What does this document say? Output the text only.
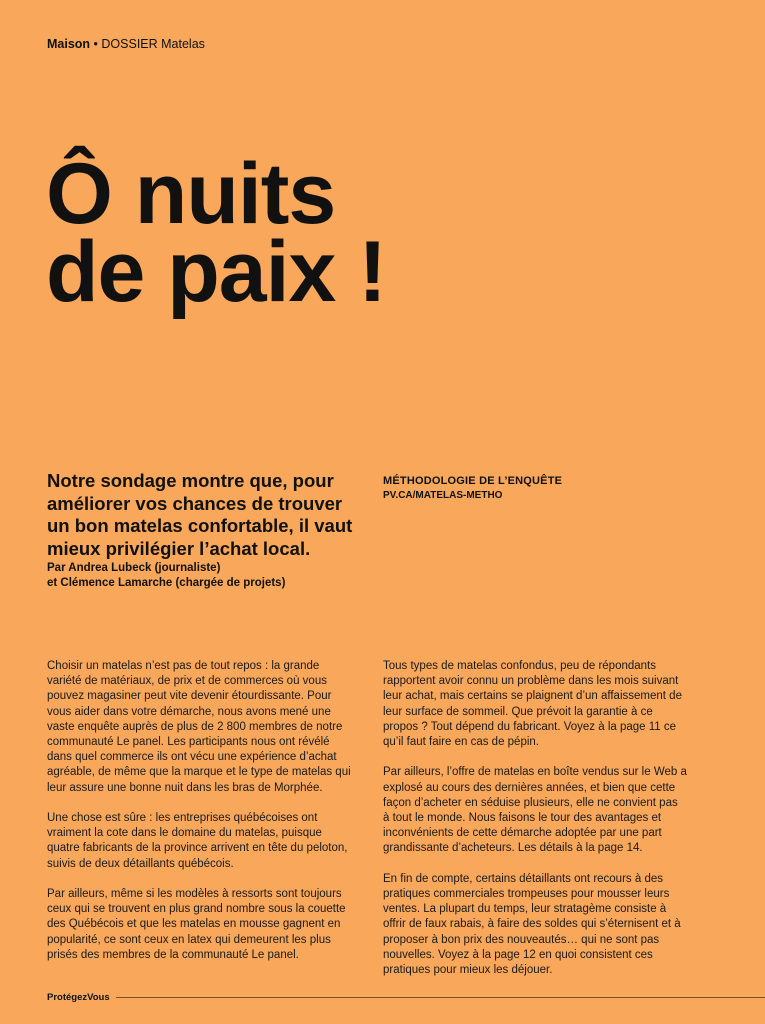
Maison • DOSSIER Matelas
Ô nuits
de paix !

Notre sondage montre que, pour améliorer vos chances de trouver un bon matelas confortable, il vaut mieux privilégier l’achat local.

Par Andrea Lubeck (journaliste)
et Clémence Lamarche (chargée de projets)
MÉTHODOLOGIE DE L’ENQUÊTE
PV.CA/MATELAS-METHO

Choisir un matelas n’est pas de tout repos : la grande variété de matériaux, de prix et de commerces où vous pouvez magasiner peut vite devenir étourdissante. Pour vous aider dans votre démarche, nous avons mené une vaste enquête auprès de plus de 2 800 membres de notre communauté Le panel. Les participants nous ont révélé dans quel commerce ils ont vécu une expérience d’achat agréable, de même que la marque et le type de matelas qui leur assure une bonne nuit dans les bras de Morphée.

Une chose est sûre : les entreprises québécoises ont vraiment la cote dans le domaine du matelas, puisque quatre fabricants de la province arrivent en tête du peloton, suivis de deux détaillants québécois.

Par ailleurs, même si les modèles à ressorts sont toujours ceux qui se trouvent en plus grand nombre sous la couette des Québécois et que les matelas en mousse gagnent en popularité, ce sont ceux en latex qui demeurent les plus prisés des membres de la communauté Le panel.

Tous types de matelas confondus, peu de répondants rapportent avoir connu un problème dans les mois suivant leur achat, mais certains se plaignent d’un affaissement de leur surface de sommeil. Que prévoit la garantie à ce propos ? Tout dépend du fabricant. Voyez à la page 11 ce qu’il faut faire en cas de pépin.

Par ailleurs, l’offre de matelas en boîte vendus sur le Web a explosé au cours des dernières années, et bien que cette façon d’acheter en séduise plusieurs, elle ne convient pas à tout le monde. Nous faisons le tour des avantages et inconvénients de cette démarche adoptée par une part grandissante d’acheteurs. Les détails à la page 14.

En fin de compte, certains détaillants ont recours à des pratiques commerciales trompeuses pour mousser leurs ventes. La plupart du temps, leur stratagème consiste à offrir de faux rabais, à faire des soldes qui s’éternisent et à proposer à bon prix des nouveautés… qui ne sont pas nouvelles. Voyez à la page 12 en quoi consistent ces pratiques pour mieux les déjouer.

ProtégezVous
